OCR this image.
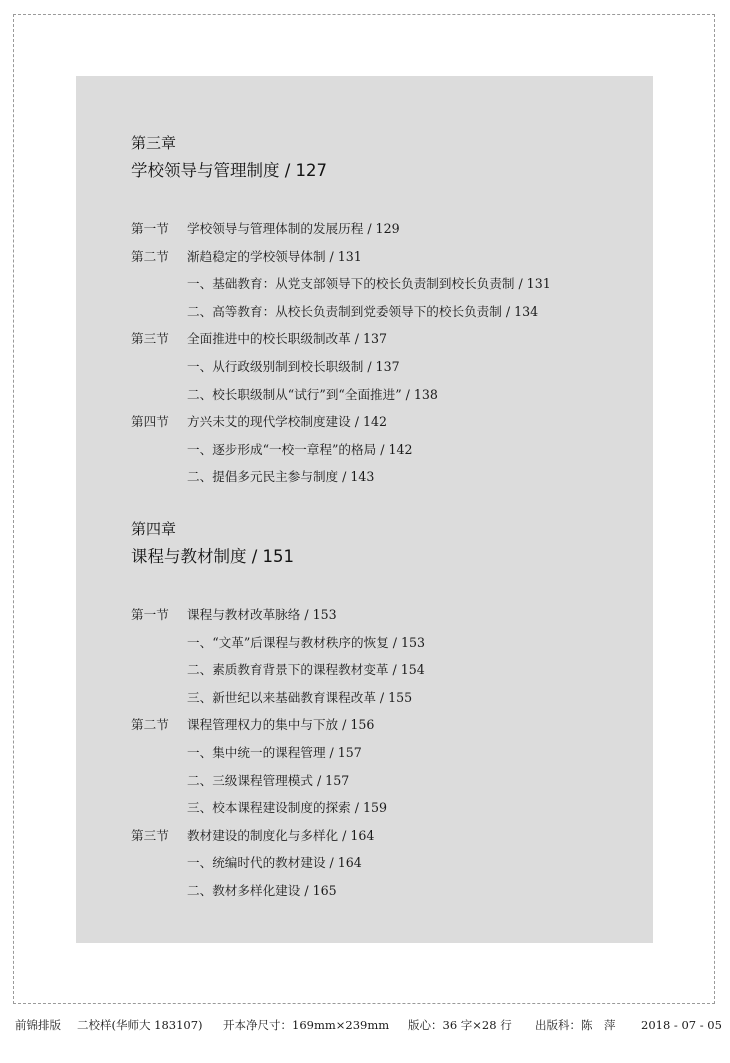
第三章
学校领导与管理制度 / 127
第一节 学校领导与管理体制的发展历程 / 129
第二节 渐趋稳定的学校领导体制 / 131
一、基础教育：从党支部领导下的校长负责制到校长负责制 / 131
二、高等教育：从校长负责制到党委领导下的校长负责制 / 134
第三节 全面推进中的校长职级制改革 / 137
一、从行政级别制到校长职级制 / 137
二、校长职级制从“试行”到“全面推进” / 138
第四节 方兴未艾的现代学校制度建设 / 142
一、逐步形成“一校一章程”的格局 / 142
二、提倡多元民主参与制度 / 143
第四章
课程与教材制度 / 151
第一节 课程与教材改革脉络 / 153
一、“文革”后课程与教材秩序的恢复 / 153
二、素质教育背景下的课程教材变革 / 154
三、新世纪以来基础教育课程改革 / 155
第二节 课程管理权力的集中与下放 / 156
一、集中统一的课程管理 / 157
二、三级课程管理模式 / 157
三、校本课程建设制度的探索 / 159
第三节 教材建设的制度化与多样化 / 164
一、统编时代的教材建设 / 164
二、教材多样化建设 / 165
前锦排版 二校样(华师大 183107) 开本净尺寸：169mm×239mm 版心：36 字×28 行 出版科：陈　萍 2018 - 07 - 05
